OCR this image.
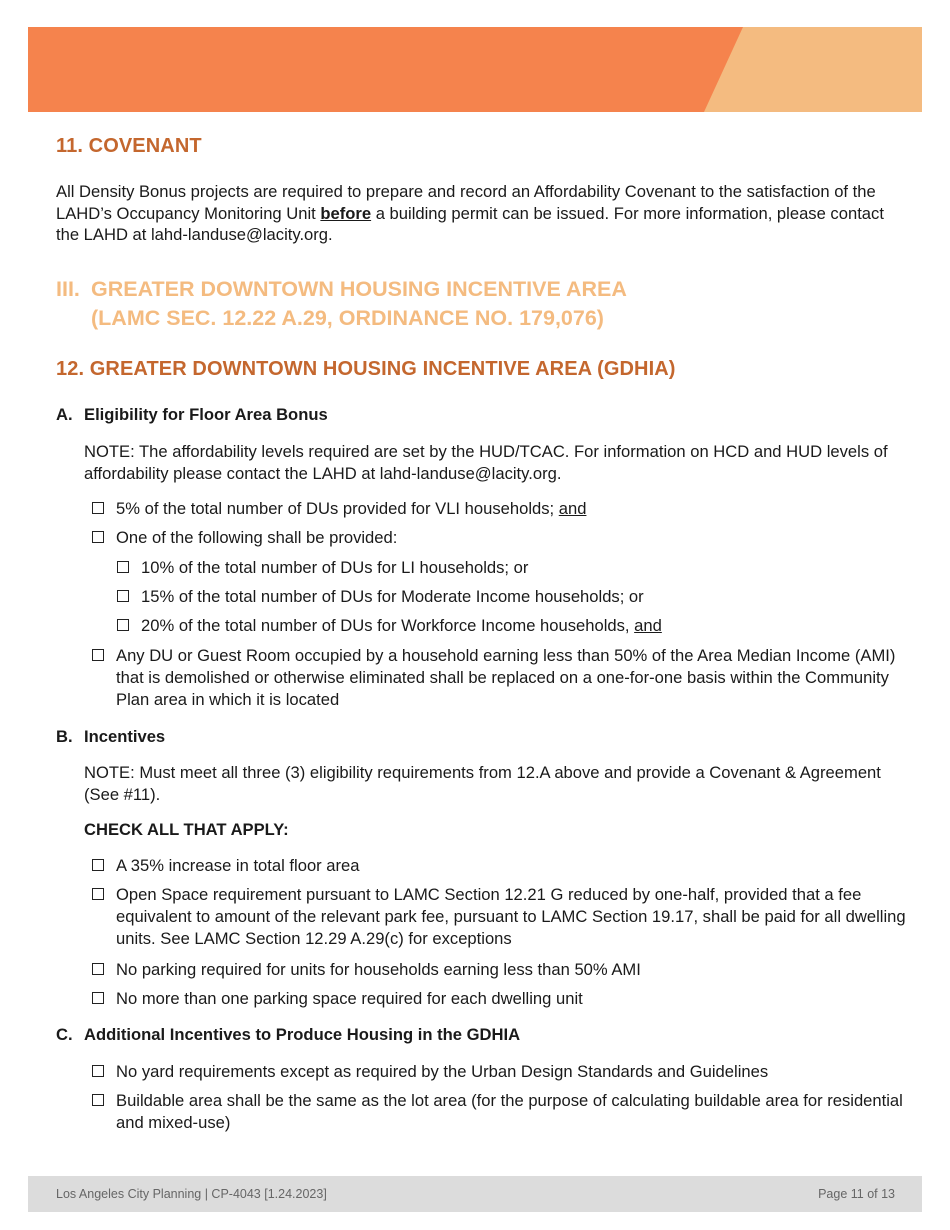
11. COVENANT

All Density Bonus projects are required to prepare and record an Affordability Covenant to the satisfaction of the LAHD’s Occupancy Monitoring Unit before a building permit can be issued. For more information, please contact the LAHD at lahd-landuse@lacity.org.

III. GREATER DOWNTOWN HOUSING INCENTIVE AREA
(LAMC SEC. 12.22 A.29, ORDINANCE NO. 179,076)
12. GREATER DOWNTOWN HOUSING INCENTIVE AREA (GDHIA)

A. Eligibility for Floor Area Bonus

NOTE: The affordability levels required are set by the HUD/TCAC. For information on HCD and HUD levels of affordability please contact the LAHD at lahd-landuse@lacity.org.

5% of the total number of DUs provided for VLI households; and
One of the following shall be provided:
10% of the total number of DUs for LI households; or
15% of the total number of DUs for Moderate Income households; or
20% of the total number of DUs for Workforce Income households, and
Any DU or Guest Room occupied by a household earning less than 50% of the Area Median Income (AMI) that is demolished or otherwise eliminated shall be replaced on a one-for-one basis within the Community Plan area in which it is located

B. Incentives

NOTE: Must meet all three (3) eligibility requirements from 12.A above and provide a Covenant & Agreement (See #11).

CHECK ALL THAT APPLY:

A 35% increase in total floor area
Open Space requirement pursuant to LAMC Section 12.21 G reduced by one-half, provided that a fee equivalent to amount of the relevant park fee, pursuant to LAMC Section 19.17, shall be paid for all dwelling units. See LAMC Section 12.29 A.29(c) for exceptions
No parking required for units for households earning less than 50% AMI
No more than one parking space required for each dwelling unit

C. Additional Incentives to Produce Housing in the GDHIA

No yard requirements except as required by the Urban Design Standards and Guidelines
Buildable area shall be the same as the lot area (for the purpose of calculating buildable area for residential and mixed-use)
Los Angeles City Planning | CP-4043 [1.24.2023]	Page 11 of 13
